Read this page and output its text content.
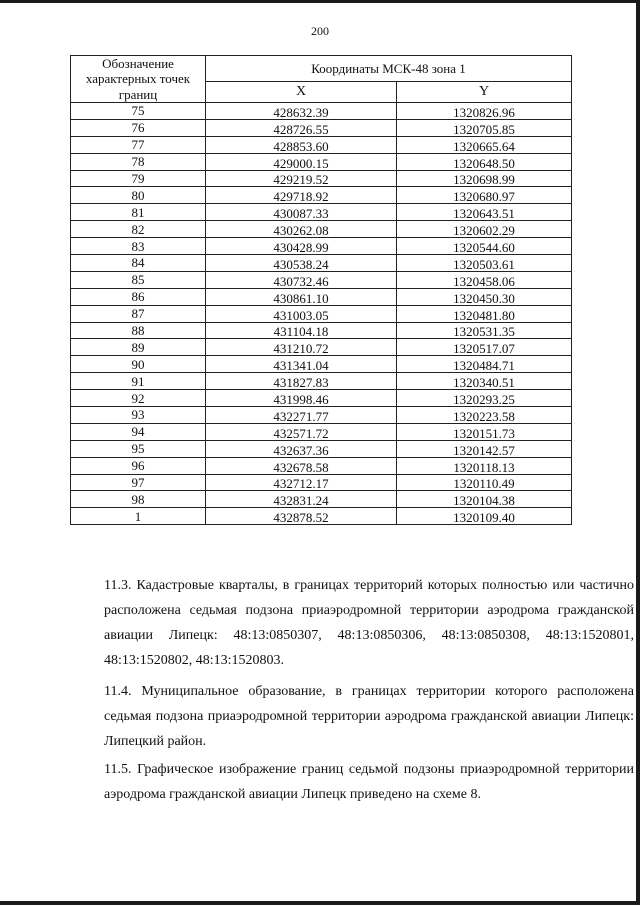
200
Обозначение характерных точек границ	Координаты МСК-48 зона 1	
	X	Y
75	428632.39	1320826.96
76	428726.55	1320705.85
77	428853.60	1320665.64
78	429000.15	1320648.50
79	429219.52	1320698.99
80	429718.92	1320680.97
81	430087.33	1320643.51
82	430262.08	1320602.29
83	430428.99	1320544.60
84	430538.24	1320503.61
85	430732.46	1320458.06
86	430861.10	1320450.30
87	431003.05	1320481.80
88	431104.18	1320531.35
89	431210.72	1320517.07
90	431341.04	1320484.71
91	431827.83	1320340.51
92	431998.46	1320293.25
93	432271.77	1320223.58
94	432571.72	1320151.73
95	432637.36	1320142.57
96	432678.58	1320118.13
97	432712.17	1320110.49
98	432831.24	1320104.38
1	432878.52	1320109.40
11.3. Кадастровые кварталы, в границах территорий которых полностью или частично расположена седьмая подзона приаэродромной территории аэродрома гражданской авиации Липецк: 48:13:0850307, 48:13:0850306, 48:13:0850308, 48:13:1520801, 48:13:1520802, 48:13:1520803.
11.4. Муниципальное образование, в границах территории которого расположена седьмая подзона приаэродромной территории аэродрома гражданской авиации Липецк: Липецкий район.
11.5. Графическое изображение границ седьмой подзоны приаэродромной территории аэродрома гражданской авиации Липецк приведено на схеме 8.
